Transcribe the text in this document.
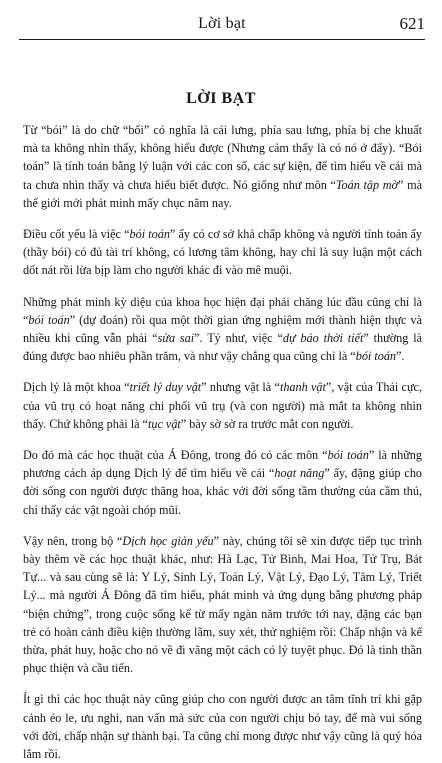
Lời bạt	621
LỜI BẠT

Từ “bói” là do chữ “bối” có nghĩa là cái lưng, phía sau lưng, phía bị che khuất mà ta không nhìn thấy, không hiểu được (Nhưng cảm thấy là có nó ở đấy). “Bói toán” là tính toán bằng lý luận với các con số, các sự kiện, để tìm hiểu về cái mà ta chưa nhìn thấy và chưa hiểu biết được. Nó giống như môn “Toán tập mờ” mà thế giới mới phát minh mấy chục năm nay.

Điều cốt yếu là việc “bói toán” ấy có cơ sở khả chấp không và người tính toán ấy (thầy bói) có đủ tài trí không, có lương tâm không, hay chỉ là suy luận một cách dốt nát rồi lừa bịp làm cho người khác đi vào mê muội.

Những phát minh kỳ diệu của khoa học hiện đại phải chăng lúc đầu cũng chỉ là “bói toán” (dự đoán) rồi qua một thời gian ứng nghiệm mới thành hiện thực và nhiều khi cũng vẫn phải “sửa sai”. Tỷ như, việc “dự báo thời tiết” thường là đúng được bao nhiêu phần trăm, và như vậy chẳng qua cũng chỉ là “bói toán”.

Dịch lý là một khoa “triết lý duy vật” nhưng vật là “thanh vật”, vật của Thái cực, của vũ trụ có hoạt năng chi phối vũ trụ (và con người) mà mắt ta không nhìn thấy. Chứ không phải là “tục vật” bày sờ sờ ra trước mắt con người.

Do đó mà các học thuật của Á Đông, trong đó có các môn “bói toán” là những phương cách áp dụng Dịch lý để tìm hiểu về cái “hoạt năng” ấy, đặng giúp cho đời sống con người được thăng hoa, khác với đời sống tầm thường của cầm thú, chỉ thấy các vật ngoài chóp mũi.

Vậy nên, trong bộ “Dịch học giản yếu” này, chúng tôi sẽ xin được tiếp tục trình bày thêm về các học thuật khác, như: Hà Lạc, Tử Bình, Mai Hoa, Tử Trụ, Bát Tự... và sau cùng sẽ là: Y Lý, Sinh Lý, Toán Lý, Vật Lý, Đạo Lý, Tâm Lý, Triết Lý... mà người Á Đông đã tìm hiểu, phát minh và ứng dụng bằng phương pháp “biện chứng”, trong cuộc sống kể từ mấy ngàn năm trước tới nay, đặng các bạn trẻ có hoàn cảnh điều kiện thường lãm, suy xét, thử nghiệm rồi: Chấp nhận và kế thừa, phát huy, hoặc cho nó về đi vãng một cách có lý tuyệt phục. Đó là tinh thần phục thiện và cầu tiến.

Ít gì thì các học thuật này cũng giúp cho con người được an tâm tĩnh trí khi gặp cảnh éo le, ưu nghi, nan vấn mà sức của con người chịu bó tay, để mà vui sống với đời, chấp nhận sự thành bại. Ta cũng chỉ mong được như vậy cũng là quý hóa lắm rồi.
